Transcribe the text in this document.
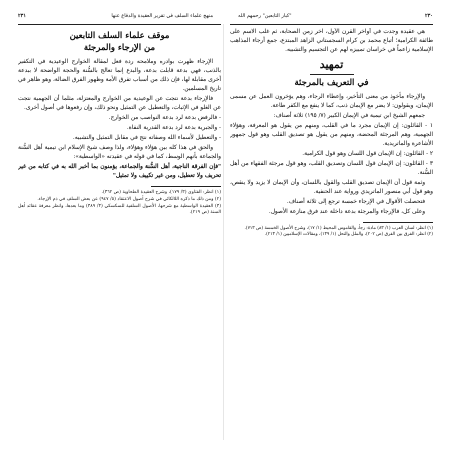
٢٣١	منهج علماء السلف في تقرير العقيدة والدفاع عنها	٢٣٠
"كبار التابعين" رحمهم الله
موقف علماء السلف التابعين
من الإرجاء والمرجئة

الإرجاء ظهرت بوادره وملامحه ردة فعل لمقالة الخوارج الوعيدية في التكفير بالذنب، فهي بدعة قابلت بدعة، والبدع إنما تعالج بالسُّنة والحجة الواضحة لا ببدعة أخرى مقابلة لها، فإن ذلك من أسباب تفرق الأمة وظهور الفرق الضالة، وهو ظاهر في تاريخ المسلمين.

فالإرجاء بدعة نتجت عن الوعيدية من الخوارج والمعتزلة، مثلما أن الجهمية نتجت عن الغلو في الإثبات، والتعطيل عن التمثيل ونحو ذلك، وإن رفعوها في أصول أخرى.

- فالرفض بدعة لرد بدعة النواصب من الخوارج.

- والجبرية بدعة لرد بدعة القدرية النفاة.

- والتعطيل لأسماء الله وصفاته نتج في مقابل التمثيل والتشبيه.

والحق في هذا كله بين هؤلاء وهؤلاء، ولذا وصف شيخ الإسلام ابن تيمية أهل السُّنة والجماعة بأنهم الوسط، كما في قوله في عقيدته «الواسطية»:

"فإن الفرقة الناجية، أهل السُّنة والجماعة، يؤمنون بما أخبر الله به في كتابه من غير تحريف ولا تعطيل، ومن غير تكييف ولا تمثيل"

(١) انظر: الفتاوى (٣/ ١٧٩)، وشرح العقيدة الطحاوية (ص ٣٦٢).

(٢) ومن ذلك ما ذكره اللالكائي في شرح أصول الاعتقاد (٥/ ٩٤٧) عن بعض السلف في ذم الإرجاء.

(٣) العقيدة الواسطية مع شرحها، الأصول السلفية للسكسكي (٣/ ٣٨٩) وما بعدها، وانظر معرفة عقائد أهل السنة (ص ٢١٩).

هي عقيدة وجدت في أواخر القرن الأول، آخر زمن الصحابة، ثم غلب الاسم على طائفة الكرامية؛ أتباع محمد بن كرام السجستاني الزاهد المبتدع، جمع أرجاء المذاهب الإسلامية زاعماً في خراسان تمييزه لهم عن التجسيم والتشبيه.

تمهيد
في التعريف بالمرجئة

والإرجاء مأخوذ من معنى التأخير، وإعطاء الرجاء، وهم يؤخرون العمل عن مسمى الإيمان، ويقولون: لا يضر مع الإيمان ذنب، كما لا ينفع مع الكفر طاعة.

جمعهم الشيخ ابن تيمية في الإيمان الكبير (٧/ ١٩٥) ثلاثة أصناف:

١ - القائلون: إن الإيمان مجرد ما في القلب، ومنهم من يقول هو المعرفة، وهؤلاء الجهمية، وهم المرجئة المحضة، ومنهم من يقول هو تصديق القلب وهو قول جمهور الأشاعرة والماتريدية.

٢ - القائلون: إن الإيمان قول اللسان وهو قول الكرامية.

٣ - القائلون: إن الإيمان قول اللسان وتصديق القلب، وهو قول مرجئة الفقهاء من أهل السُّنة.

وثمة قول أن الإيمان تصديق القلب والقول باللسان، وأن الإيمان لا يزيد ولا ينقص، وهو قول أبي منصور الماتريدي ورواية عند الحنفية.

فتحصلت الأقوال في الإرجاء خمسة ترجع إلى ثلاثة أصناف.

وعلى كل، فالإرجاء والمرجئة بدعة داخلة عند فرق منازعة الأصول.

(١) انظر: لسان العرب (١/ ٨٣) مادة: رجأ، والقاموس المحيط (١/ ١٧)، وشرح الأصول الخمسة (ص ٧١٣).

(٢) انظر: الفرق بين الفرق (ص ٢٠٢)، والملل والنحل (١/ ١٣٩)، ومقالات الإسلاميين (١/ ٢١٣).
